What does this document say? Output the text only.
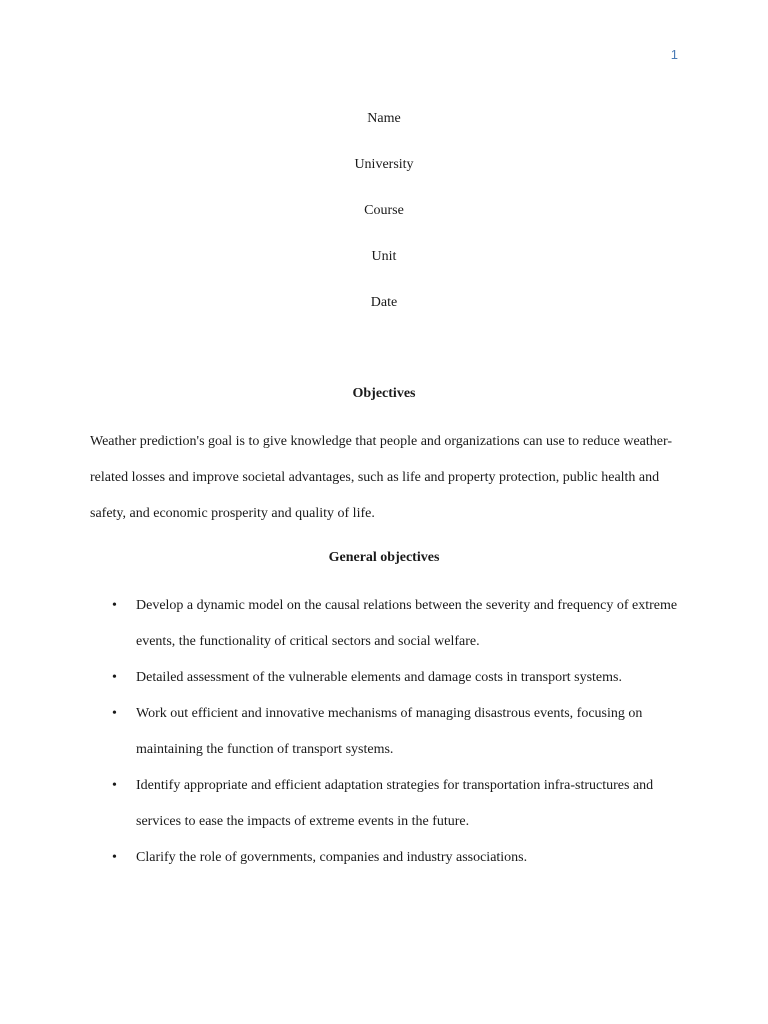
1
Name
University
Course
Unit
Date
Objectives
Weather prediction's goal is to give knowledge that people and organizations can use to reduce weather-related losses and improve societal advantages, such as life and property protection, public health and safety, and economic prosperity and quality of life.
General objectives
• Develop a dynamic model on the causal relations between the severity and frequency of extreme events, the functionality of critical sectors and social welfare.
• Detailed assessment of the vulnerable elements and damage costs in transport systems.
• Work out efficient and innovative mechanisms of managing disastrous events, focusing on maintaining the function of transport systems.
• Identify appropriate and efficient adaptation strategies for transportation infra-structures and services to ease the impacts of extreme events in the future.
• Clarify the role of governments, companies and industry associations.
